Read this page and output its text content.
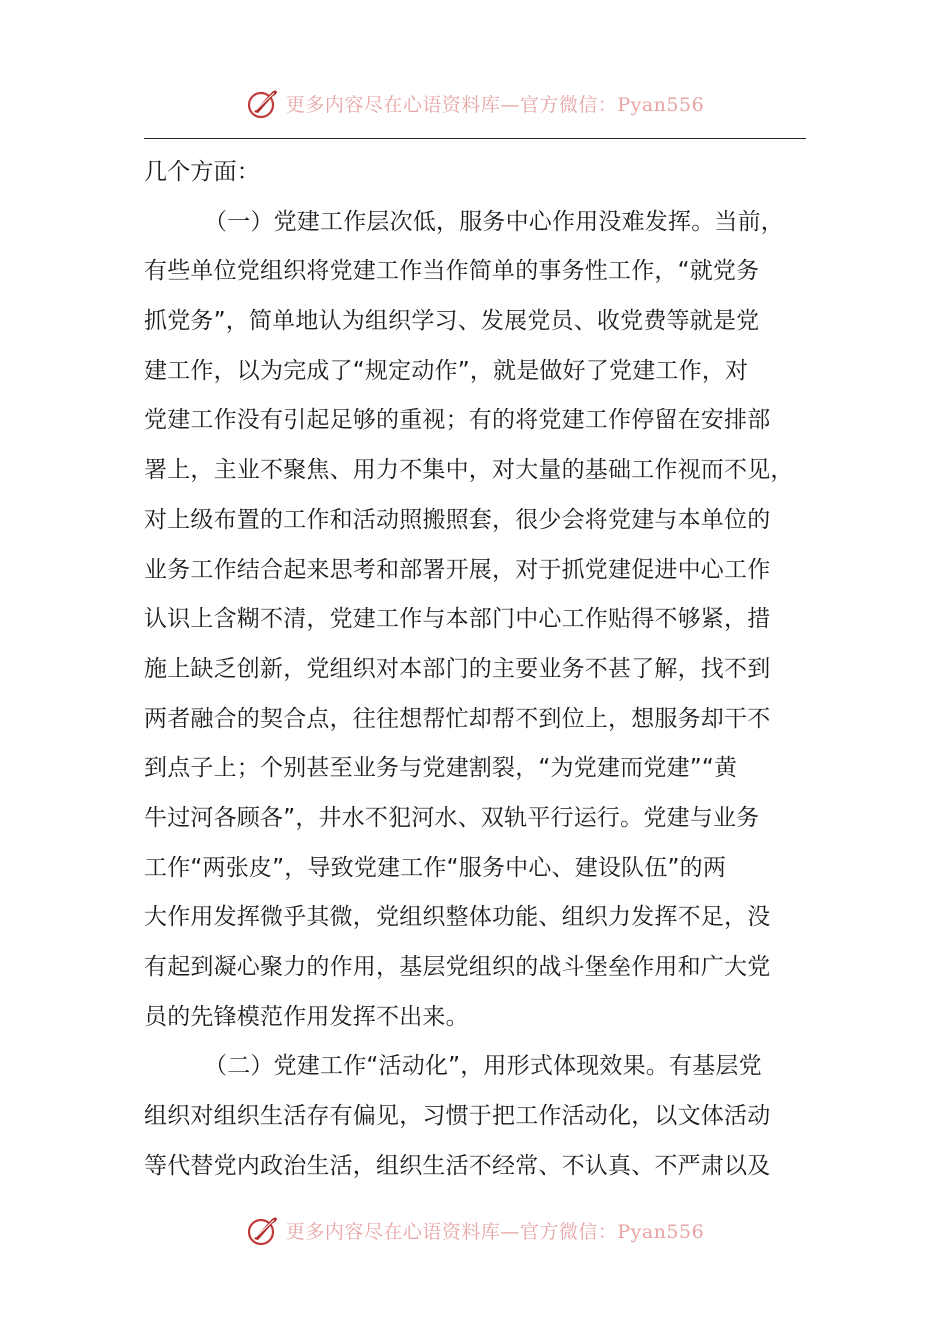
更多内容尽在心语资料库—官方微信：Pyan556
几个方面：
（一）党建工作层次低，服务中心作用没难发挥。当前，
有些单位党组织将党建工作当作简单的事务性工作，“就党务
抓党务”，简单地认为组织学习、发展党员、收党费等就是党
建工作，以为完成了“规定动作”，就是做好了党建工作，对
党建工作没有引起足够的重视；有的将党建工作停留在安排部
署上，主业不聚焦、用力不集中，对大量的基础工作视而不见，
对上级布置的工作和活动照搬照套，很少会将党建与本单位的
业务工作结合起来思考和部署开展，对于抓党建促进中心工作
认识上含糊不清，党建工作与本部门中心工作贴得不够紧，措
施上缺乏创新，党组织对本部门的主要业务不甚了解，找不到
两者融合的契合点，往往想帮忙却帮不到位上，想服务却干不
到点子上；个别甚至业务与党建割裂，“为党建而党建”“黄
牛过河各顾各”，井水不犯河水、双轨平行运行。党建与业务
工作“两张皮”，导致党建工作“服务中心、建设队伍”的两
大作用发挥微乎其微，党组织整体功能、组织力发挥不足，没
有起到凝心聚力的作用，基层党组织的战斗堡垒作用和广大党
员的先锋模范作用发挥不出来。
（二）党建工作“活动化”，用形式体现效果。有基层党
组织对组织生活存有偏见，习惯于把工作活动化，以文体活动
等代替党内政治生活，组织生活不经常、不认真、不严肃以及
更多内容尽在心语资料库—官方微信：Pyan556
